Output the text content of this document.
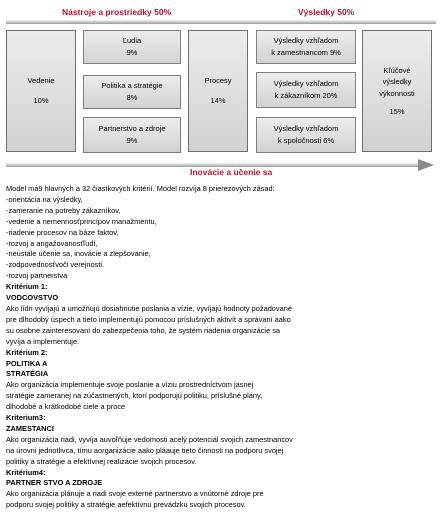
Nástroje a prostriedky 50%	Výsledky 50%
Vedenie
10%
Ľudia
9%
Politika a stratégie
8%
Partnerstvo a zdroje
9%
Procesy
14%
Výsledky vzhľadom
k zamestnancom 9%
Výsledky vzhľadom
k zákazníkom 20%
Výsledky vzhľadom
k spoločnosti 6%
Kľúčové
výsledky
výkonnosti
15%
Inovácie a učenie sa
Model má9 hlavných a 32 čiastkových kritérií. Model rozvíja 8 prierezových zásad:
-orientácia na výsledky,
-zameranie na potreby zákazníkov,
-vedenie a nemennosťprincípov manažmentu,
-riadenie procesov na báze faktov,
-rozvoj a angažovanosťľudí,
-neustále učenie sa, inovácie a zlepšovanie,
-zodpovednosťvoči verejnosti.
-rozvoj partnerstva
Kritérium 1:
VODCOVSTVO
Ako lídri vyvíjajú a umožňujú dosiahnutie poslania a vízie, vyvíjajú hodnoty požadované
pre dlhodobý úspech a tieto implementujú pomocou príslušných aktivít a správaní aako
su osobne zainteresovaní do zabezpečenia toho, že systém riadenia organizácie sa
vyvíja a implementuje.
Kritérium 2:
POLITIKA A
STRATÉGIA
Ako organizácia implementuje svoje poslanie a víziu prostredníctvom jasnej
stratégie zameranej na zúčastnených, ktorí podporujú politiku, príslušné plány,
dlhodobé a krátkodobé ciele a proce
Kriterium3:
ZAMESTANCI
Ako organizácia riadi, vyvíja auvoľňuje vedomosti acelý potenciál svojich zamestnancov
na úrovni jednotlivca, tímu aorganizácie aako pláauje tieto činnosti na podporu svojej
politiky a stratégie a efektívnej realizácie svojich procesov.
Kritérium4:
PARTNER STVO A ZDROJE
Ako organizácia plánuje a riadi svoje externé partnerstvo a vnútorné zdroje pre
podporu svojej politiky a stratégie aefektívnu prevádzku svojich procesov.
